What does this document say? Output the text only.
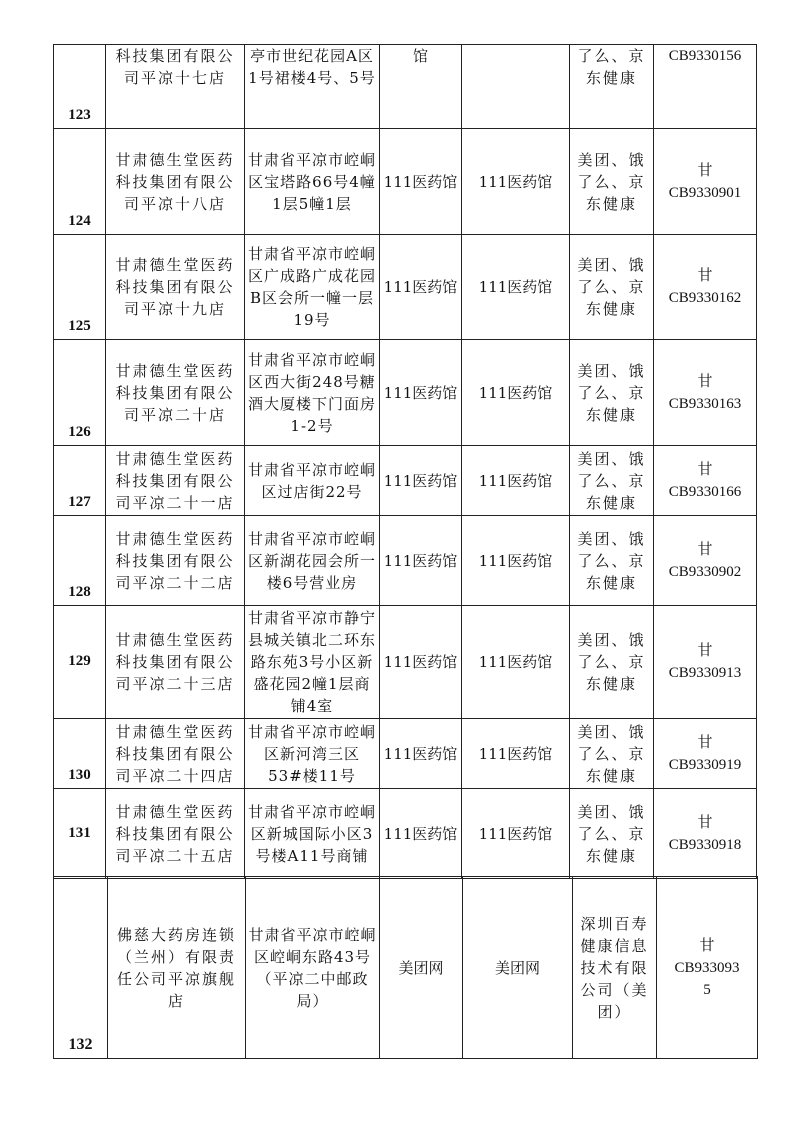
123	科技集团有限公司平凉十七店	亭市世纪花园A区1号裙楼4号、5号	馆		了么、京东健康	CB9330156
124	甘肃德生堂医药科技集团有限公司平凉十八店	甘肃省平凉市崆峒区宝塔路66号4幢1层5幢1层	111医药馆	111医药馆	美团、饿了么、京东健康	甘
CB9330901

125	甘肃德生堂医药科技集团有限公司平凉十九店	甘肃省平凉市崆峒区广成路广成花园B区会所一幢一层19号	111医药馆	111医药馆	美团、饿了么、京东健康	甘
CB9330162

126	甘肃德生堂医药科技集团有限公司平凉二十店	甘肃省平凉市崆峒区西大街248号糖酒大厦楼下门面房1-2号	111医药馆	111医药馆	美团、饿了么、京东健康	甘
CB9330163

127	甘肃德生堂医药科技集团有限公司平凉二十一店	甘肃省平凉市崆峒区过店街22号	111医药馆	111医药馆	美团、饿了么、京东健康	甘
CB9330166

128	甘肃德生堂医药科技集团有限公司平凉二十二店	甘肃省平凉市崆峒区新湖花园会所一楼6号营业房	111医药馆	111医药馆	美团、饿了么、京东健康	甘
CB9330902

129	甘肃德生堂医药科技集团有限公司平凉二十三店	甘肃省平凉市静宁县城关镇北二环东路东苑3号小区新盛花园2幢1层商铺4室	111医药馆	111医药馆	美团、饿了么、京东健康	甘
CB9330913

130	甘肃德生堂医药科技集团有限公司平凉二十四店	甘肃省平凉市崆峒区新河湾三区53#楼11号	111医药馆	111医药馆	美团、饿了么、京东健康	甘
CB9330919

131	甘肃德生堂医药科技集团有限公司平凉二十五店	甘肃省平凉市崆峒区新城国际小区3号楼A11号商铺	111医药馆	111医药馆	美团、饿了么、京东健康	甘
CB9330918
132	佛慈大药房连锁（兰州）有限责任公司平凉旗舰店	甘肃省平凉市崆峒区崆峒东路43号（平凉二中邮政局）	美团网	美团网	深圳百寿健康信息技术有限公司（美团）	
甘
CB933093
5
